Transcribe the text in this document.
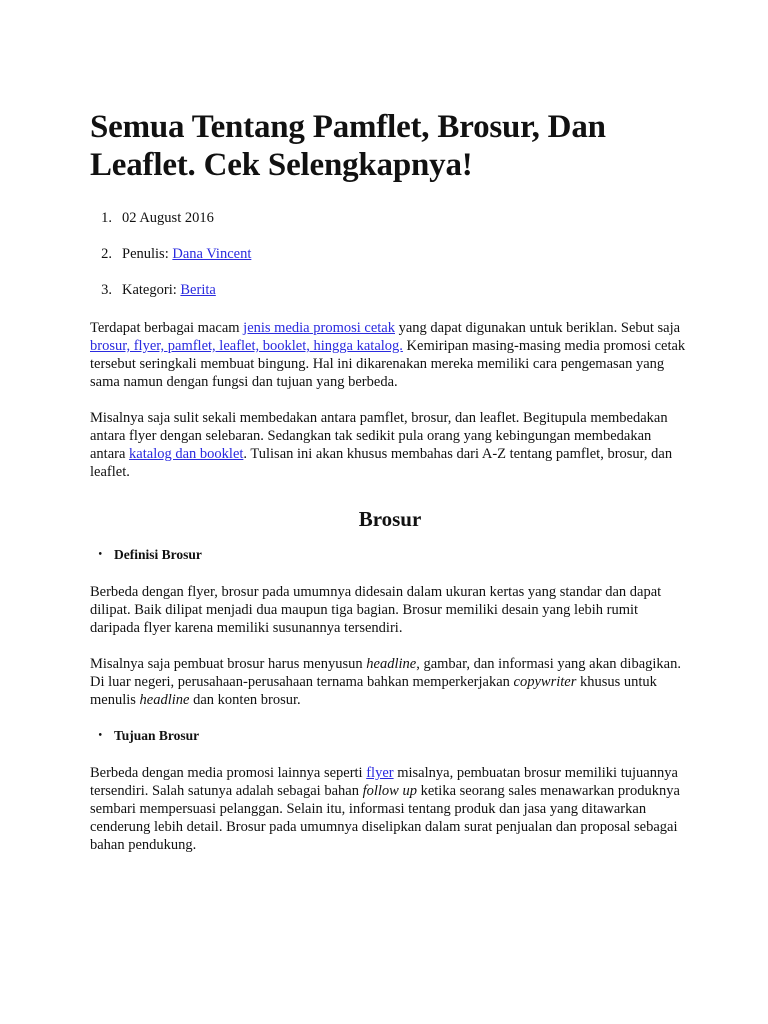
Semua Tentang Pamflet, Brosur, Dan Leaflet. Cek Selengkapnya!
1. 02 August 2016
2. Penulis: Dana Vincent
3. Kategori: Berita

Terdapat berbagai macam jenis media promosi cetak yang dapat digunakan untuk beriklan. Sebut saja brosur, flyer, pamflet, leaflet, booklet, hingga katalog. Kemiripan masing-masing media promosi cetak tersebut seringkali membuat bingung. Hal ini dikarenakan mereka memiliki cara pengemasan yang sama namun dengan fungsi dan tujuan yang berbeda.

Misalnya saja sulit sekali membedakan antara pamflet, brosur, dan leaflet. Begitupula membedakan antara flyer dengan selebaran. Sedangkan tak sedikit pula orang yang kebingungan membedakan antara katalog dan booklet. Tulisan ini akan khusus membahas dari A-Z tentang pamflet, brosur, dan leaflet.

Brosur
• Definisi Brosur

Berbeda dengan flyer, brosur pada umumnya didesain dalam ukuran kertas yang standar dan dapat dilipat. Baik dilipat menjadi dua maupun tiga bagian. Brosur memiliki desain yang lebih rumit daripada flyer karena memiliki susunannya tersendiri.

Misalnya saja pembuat brosur harus menyusun headline, gambar, dan informasi yang akan dibagikan. Di luar negeri, perusahaan-perusahaan ternama bahkan memperkerjakan copywriter khusus untuk menulis headline dan konten brosur.

• Tujuan Brosur

Berbeda dengan media promosi lainnya seperti flyer misalnya, pembuatan brosur memiliki tujuannya tersendiri. Salah satunya adalah sebagai bahan follow up ketika seorang sales menawarkan produknya sembari mempersuasi pelanggan. Selain itu, informasi tentang produk dan jasa yang ditawarkan cenderung lebih detail. Brosur pada umumnya diselipkan dalam surat penjualan dan proposal sebagai bahan pendukung.
